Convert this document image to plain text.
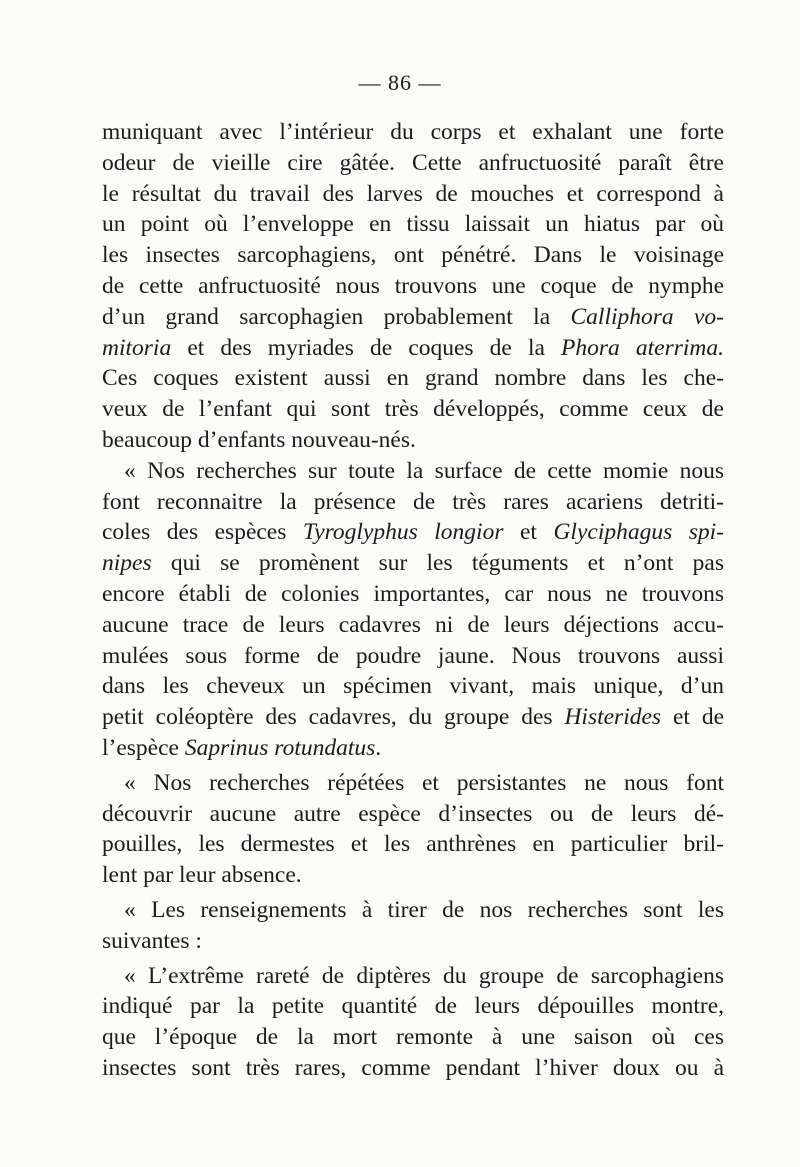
— 86 —
muniquant avec l’intérieur du corps et exhalant une forte
odeur de vieille cire gâtée. Cette anfructuosité paraît être
le résultat du travail des larves de mouches et correspond à
un point où l’enveloppe en tissu laissait un hiatus par où
les insectes sarcophagiens, ont pénétré. Dans le voisinage
de cette anfructuosité nous trouvons une coque de nymphe
d’un grand sarcophagien probablement la Calliphora vo-
mitoria et des myriades de coques de la Phora aterrima.
Ces coques existent aussi en grand nombre dans les che-
veux de l’enfant qui sont très développés, comme ceux de
beaucoup d’enfants nouveau-nés.
« Nos recherches sur toute la surface de cette momie nous
font reconnaitre la présence de très rares acariens detriti-
coles des espèces Tyroglyphus longior et Glyciphagus spi-
nipes qui se promènent sur les téguments et n’ont pas
encore établi de colonies importantes, car nous ne trouvons
aucune trace de leurs cadavres ni de leurs déjections accu-
mulées sous forme de poudre jaune. Nous trouvons aussi
dans les cheveux un spécimen vivant, mais unique, d’un
petit coléoptère des cadavres, du groupe des Histerides et de
l’espèce Saprinus rotundatus.
« Nos recherches répétées et persistantes ne nous font
découvrir aucune autre espèce d’insectes ou de leurs dé-
pouilles, les dermestes et les anthrènes en particulier bril-
lent par leur absence.
« Les renseignements à tirer de nos recherches sont les
suivantes :
« L’extrême rareté de diptères du groupe de sarcophagiens
indiqué par la petite quantité de leurs dépouilles montre,
que l’époque de la mort remonte à une saison où ces
insectes sont très rares, comme pendant l’hiver doux ou à
